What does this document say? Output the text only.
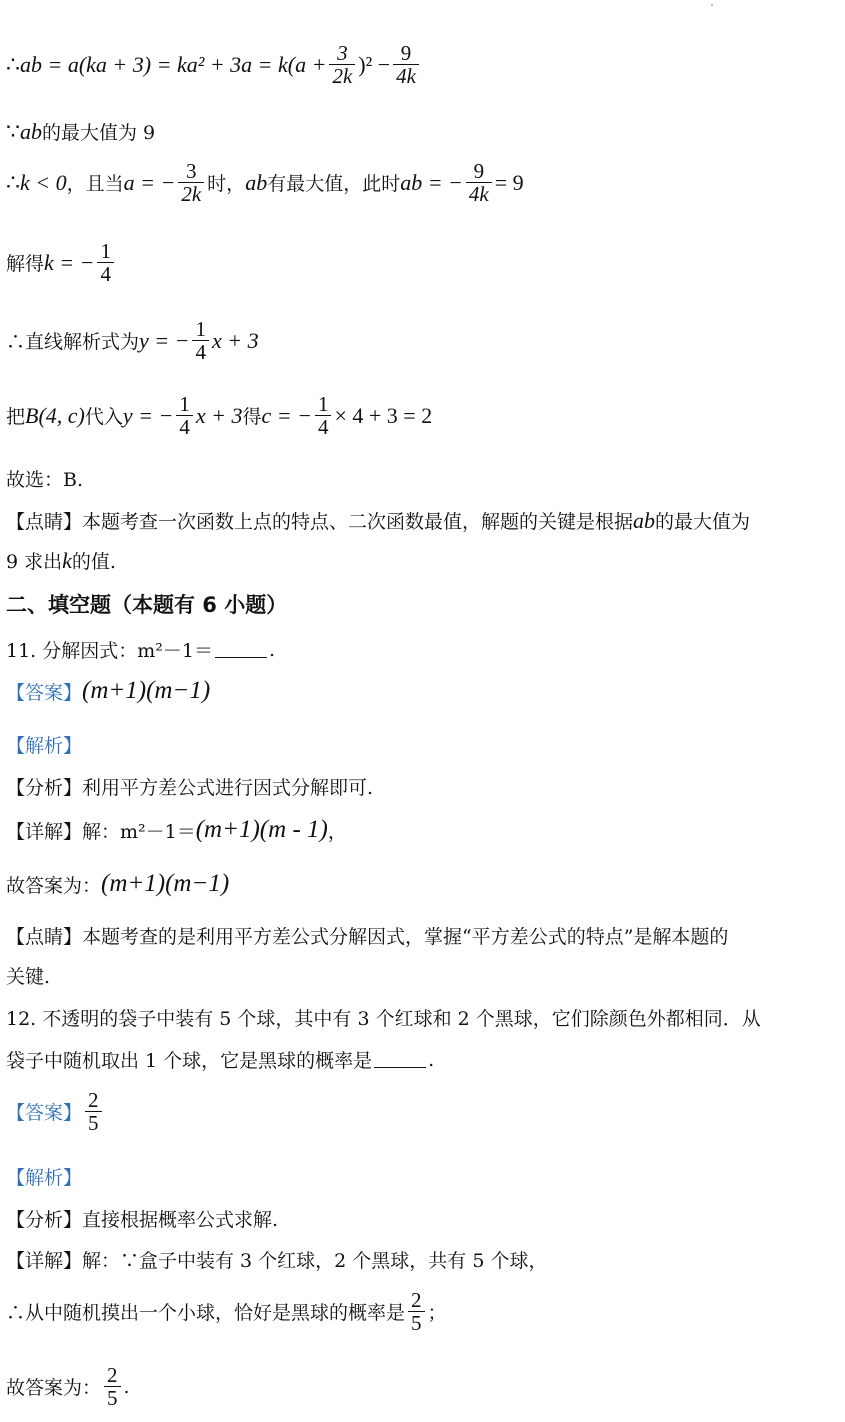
∴ ab = $a(ka + 3) = ka^2 + 3a = k(a + \frac{3}{2k} )^2 - \frac{9}{4k}$
∵ ab 的最大值为 9
∴ k < 0 ，且当 a = − $\frac{3}{2k}$ 时， ab 有最大值，此时 ab = − $\frac{9}{4k} = 9$
解得 k = − $\frac{1}{4}$
∴直线解析式为 y = − $\frac{1}{4}$ x + 3
把 B(4, c) 代入 y = − $\frac{1}{4}$ x + 3 得 c = − $\frac{1}{4} \times 4 + 3 = 2$
故选：B.
【点睛】本题考查一次函数上点的特点、二次函数最值，解题的关键是根据 ab 的最大值为
9 求出 k 的值.
二、填空题（本题有 6 小题）
11. 分解因式：m²－1＝	.
【答案】 (m+1)(m−1)
【解析】
【分析】利用平方差公式进行因式分解即可.
【详解】解：m²－1＝ (m+1)(m - 1) ，
故答案为： (m+1)(m−1)
【点睛】本题考查的是利用平方差公式分解因式，掌握“平方差公式的特点”是解本题的
关键.
12. 不透明的袋子中装有 5 个球，其中有 3 个红球和 2 个黑球，它们除颜色外都相同．从
袋子中随机取出 1 个球，它是黑球的概率是	.
【答案】 $\frac{2}{5}$
【解析】
【分析】直接根据概率公式求解.
【详解】解：∵盒子中装有 3 个红球，2 个黑球，共有 5 个球，
∴从中随机摸出一个小球，恰好是黑球的概率是 $\frac{2}{5}$ ；
故答案为： $\frac{2}{5}$ .
